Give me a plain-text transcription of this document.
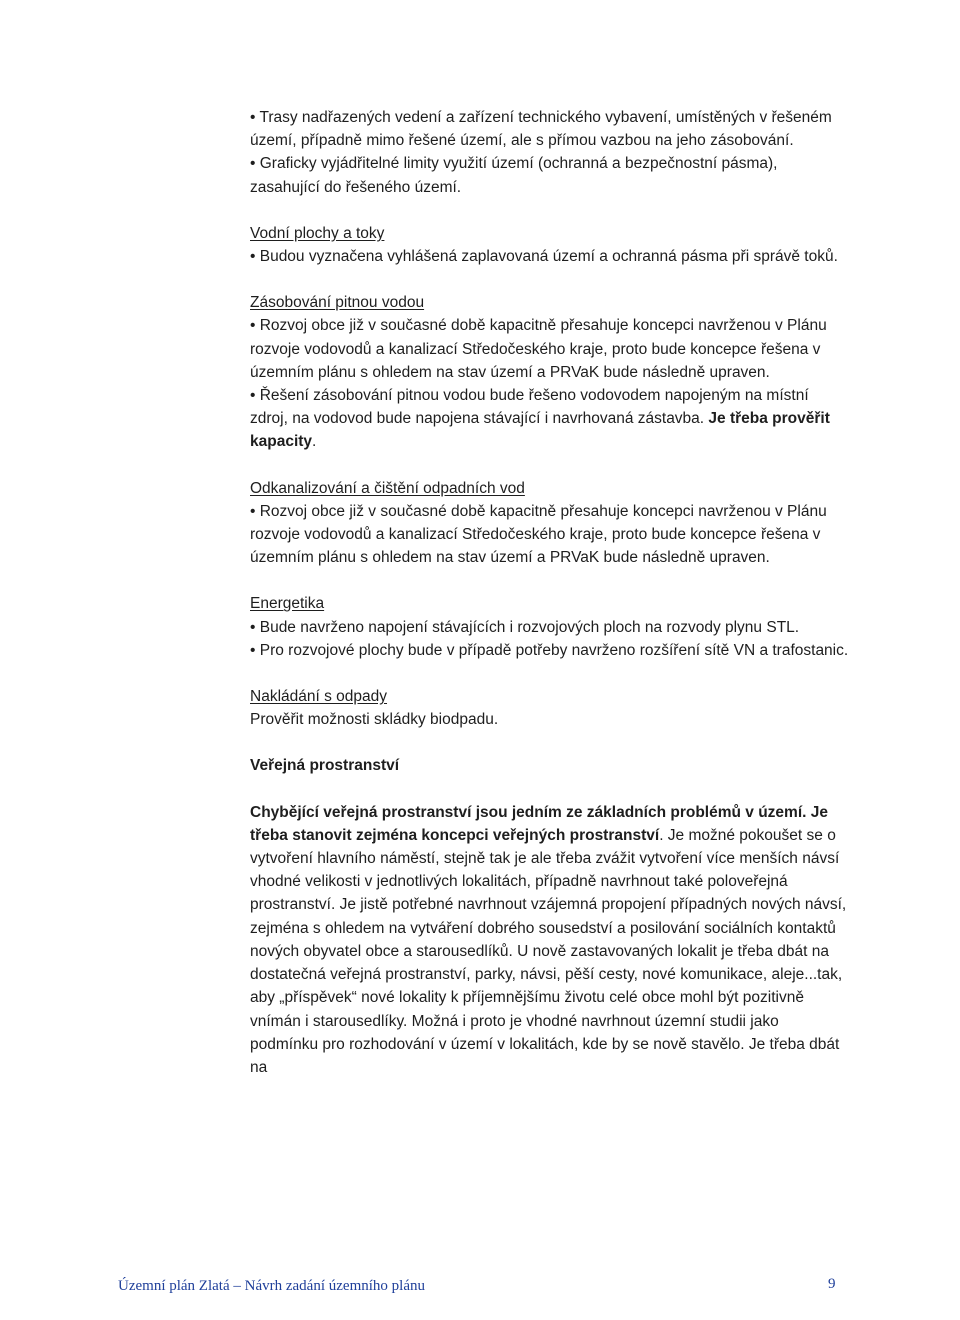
• Trasy nadřazených vedení a zařízení technického vybavení, umístěných v řešeném území, případně mimo řešené území, ale s přímou vazbou na jeho zásobování.

• Graficky vyjádřitelné limity využití území (ochranná a bezpečnostní pásma), zasahující do řešeného území.

Vodní plochy a toky

• Budou vyznačena vyhlášená zaplavovaná území a ochranná pásma při správě toků.

Zásobování pitnou vodou

• Rozvoj obce již v současné době kapacitně přesahuje koncepci navrženou v Plánu rozvoje vodovodů a kanalizací Středočeského kraje, proto bude koncepce řešena v územním plánu s ohledem na stav území a PRVaK bude následně upraven.

• Řešení zásobování pitnou vodou bude řešeno vodovodem napojeným na místní zdroj, na vodovod bude napojena stávající i navrhovaná zástavba. Je třeba prověřit kapacity.

Odkanalizování a čištění odpadních vod

• Rozvoj obce již v současné době kapacitně přesahuje koncepci navrženou v Plánu rozvoje vodovodů a kanalizací Středočeského kraje, proto bude koncepce řešena v územním plánu s ohledem na stav území a PRVaK bude následně upraven.

Energetika

• Bude navrženo napojení stávajících i rozvojových ploch na rozvody plynu STL.

• Pro rozvojové plochy bude v případě potřeby navrženo rozšíření sítě VN a trafostanic.

Nakládání s odpady

Prověřit možnosti skládky biodpadu.

Veřejná prostranství

Chybějící veřejná prostranství jsou jedním ze základních problémů v území. Je třeba stanovit zejména koncepci veřejných prostranství. Je možné pokoušet se o vytvoření hlavního náměstí, stejně tak je ale třeba zvážit vytvoření více menších návsí vhodné velikosti v jednotlivých lokalitách, případně navrhnout také poloveřejná prostranství. Je jistě potřebné navrhnout vzájemná propojení případných nových návsí, zejména s ohledem na vytváření dobrého sousedství a posilování sociálních kontaktů nových obyvatel obce a starousedlíků. U nově zastavovaných lokalit je třeba dbát na dostatečná veřejná prostranství, parky, návsi, pěší cesty, nové komunikace, aleje...tak, aby „příspěvek“ nové lokality k příjemnějšímu životu celé obce mohl být pozitivně vnímán i starousedlíky. Možná i proto je vhodné navrhnout územní studii jako podmínku pro rozhodování v území v lokalitách, kde by se nově stavělo. Je třeba dbát na

Územní plán Zlatá – Návrh zadání územního plánu	9
